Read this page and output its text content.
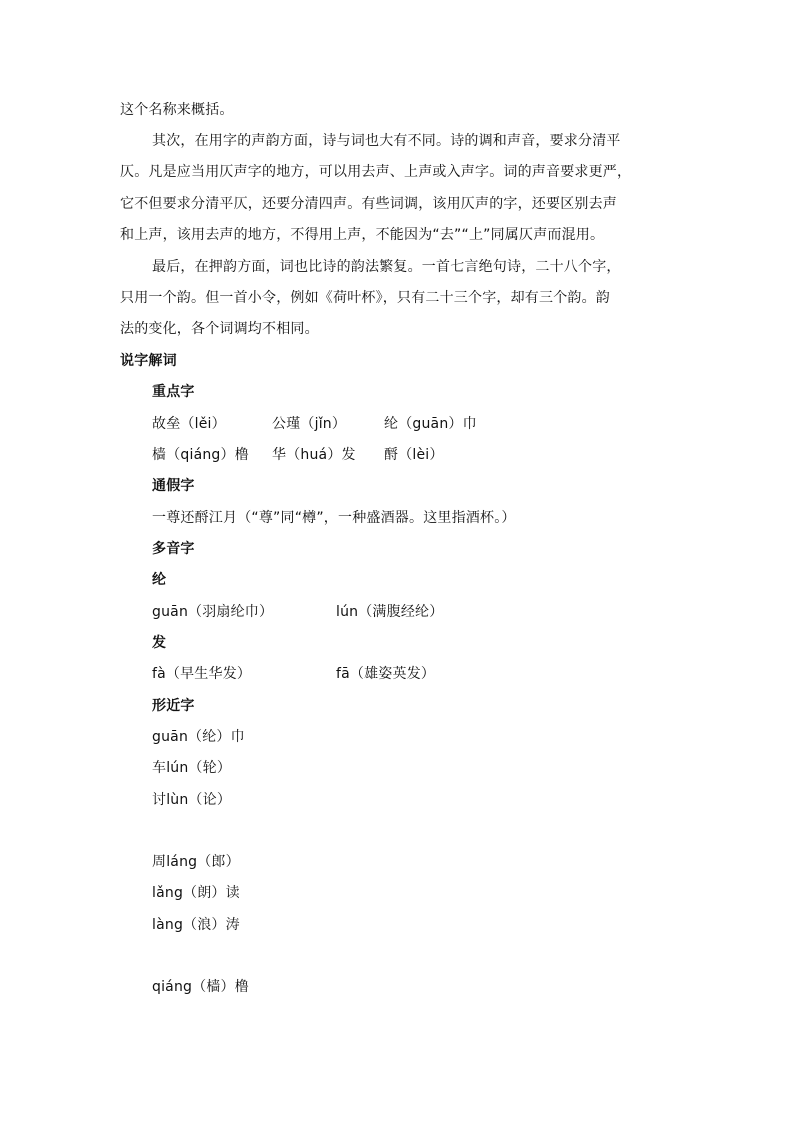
这个名称来概括。
其次，在用字的声韵方面，诗与词也大有不同。诗的调和声音，要求分清平
仄。凡是应当用仄声字的地方，可以用去声、上声或入声字。词的声音要求更严，
它不但要求分清平仄，还要分清四声。有些词调，该用仄声的字，还要区别去声
和上声，该用去声的地方，不得用上声，不能因为“去”“上”同属仄声而混用。
最后，在押韵方面，词也比诗的韵法繁复。一首七言绝句诗，二十八个字，
只用一个韵。但一首小令，例如《荷叶杯》，只有二十三个字，却有三个韵。韵
法的变化，各个词调均不相同。
说字解词
重点字
故垒（lěi）	公瑾（jǐn）	纶（guān）巾
樯（qiáng）橹 华（huá）发 酹（lèi）
通假字
一尊还酹江月（“尊”同“樽”，一种盛酒器。这里指酒杯。）
多音字
纶
guān（羽扇纶巾）	lún（满腹经纶）
发
fà（早生华发）	fā（雄姿英发）
形近字
guān（纶）巾
车lún（轮）
讨lùn（论）
周láng（郎）
lǎng（朗）读
làng（浪）涛
qiáng（樯）橹
